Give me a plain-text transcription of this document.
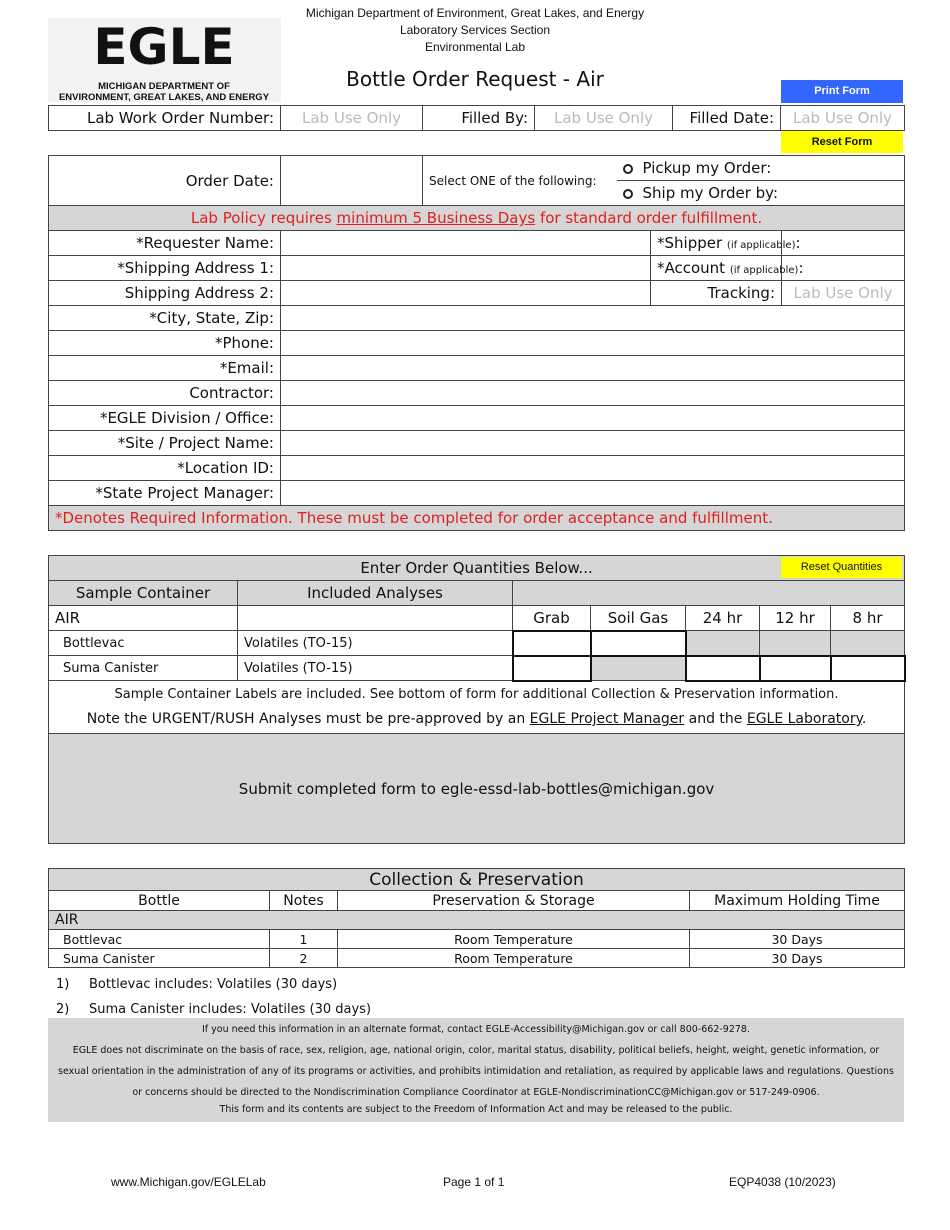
EGLE
MICHIGAN DEPARTMENT OF
ENVIRONMENT, GREAT LAKES, AND ENERGY
Michigan Department of Environment, Great Lakes, and Energy
Laboratory Services Section
Environmental Lab
Bottle Order Request - Air	Print Form
Reset Form
Lab Work Order Number:	Lab Use Only	Filled By:	Lab Use Only	Filled Date:	Lab Use Only
Order Date:		Select ONE of the following:	Pickup my Order:		
			Ship my Order by:		
Lab Policy requires minimum 5 Business Days for standard order fulfillment.					
*Requester Name:				*Shipper (if applicable):	
*Shipping Address 1:				*Account (if applicable):	
Shipping Address 2:				Tracking:	Lab Use Only
*City, State, Zip:					
*Phone:					
*Email:					
Contractor:					
*EGLE Division / Office:					
*Site / Project Name:					
*Location ID:					
*State Project Manager:					
*Denotes Required Information. These must be completed for order acceptance and fulfillment.					
Enter Order Quantities Below...						
Sample Container	Included Analyses					
AIR		Grab	Soil Gas	24 hr	12 hr	8 hr
Bottlevac	Volatiles (TO-15)					
Suma Canister	Volatiles (TO-15)					

Sample Container Labels are included. See bottom of form for additional Collection & Preservation information.
Note the URGENT/RUSH Analyses must be pre-approved by an EGLE Project Manager and the EGLE Laboratory.						

Submit completed form to egle-essd-lab-bottles@michigan.gov						
Reset Quantities
Collection & Preservation			
Bottle	Notes	Preservation & Storage	Maximum Holding Time
AIR			
Bottlevac	1	Room Temperature	30 Days
Suma Canister	2	Room Temperature	30 Days
1) Bottlevac includes: Volatiles (30 days)
2) Suma Canister includes: Volatiles (30 days)
If you need this information in an alternate format, contact EGLE-Accessibility@Michigan.gov or call 800-662-9278.
EGLE does not discriminate on the basis of race, sex, religion, age, national origin, color, marital status, disability, political beliefs, height, weight, genetic information, or
sexual orientation in the administration of any of its programs or activities, and prohibits intimidation and retaliation, as required by applicable laws and regulations. Questions
or concerns should be directed to the Nondiscrimination Compliance Coordinator at EGLE-NondiscriminationCC@Michigan.gov or 517-249-0906.
This form and its contents are subject to the Freedom of Information Act and may be released to the public.
www.Michigan.gov/EGLELab	Page 1 of 1	EQP4038 (10/2023)
